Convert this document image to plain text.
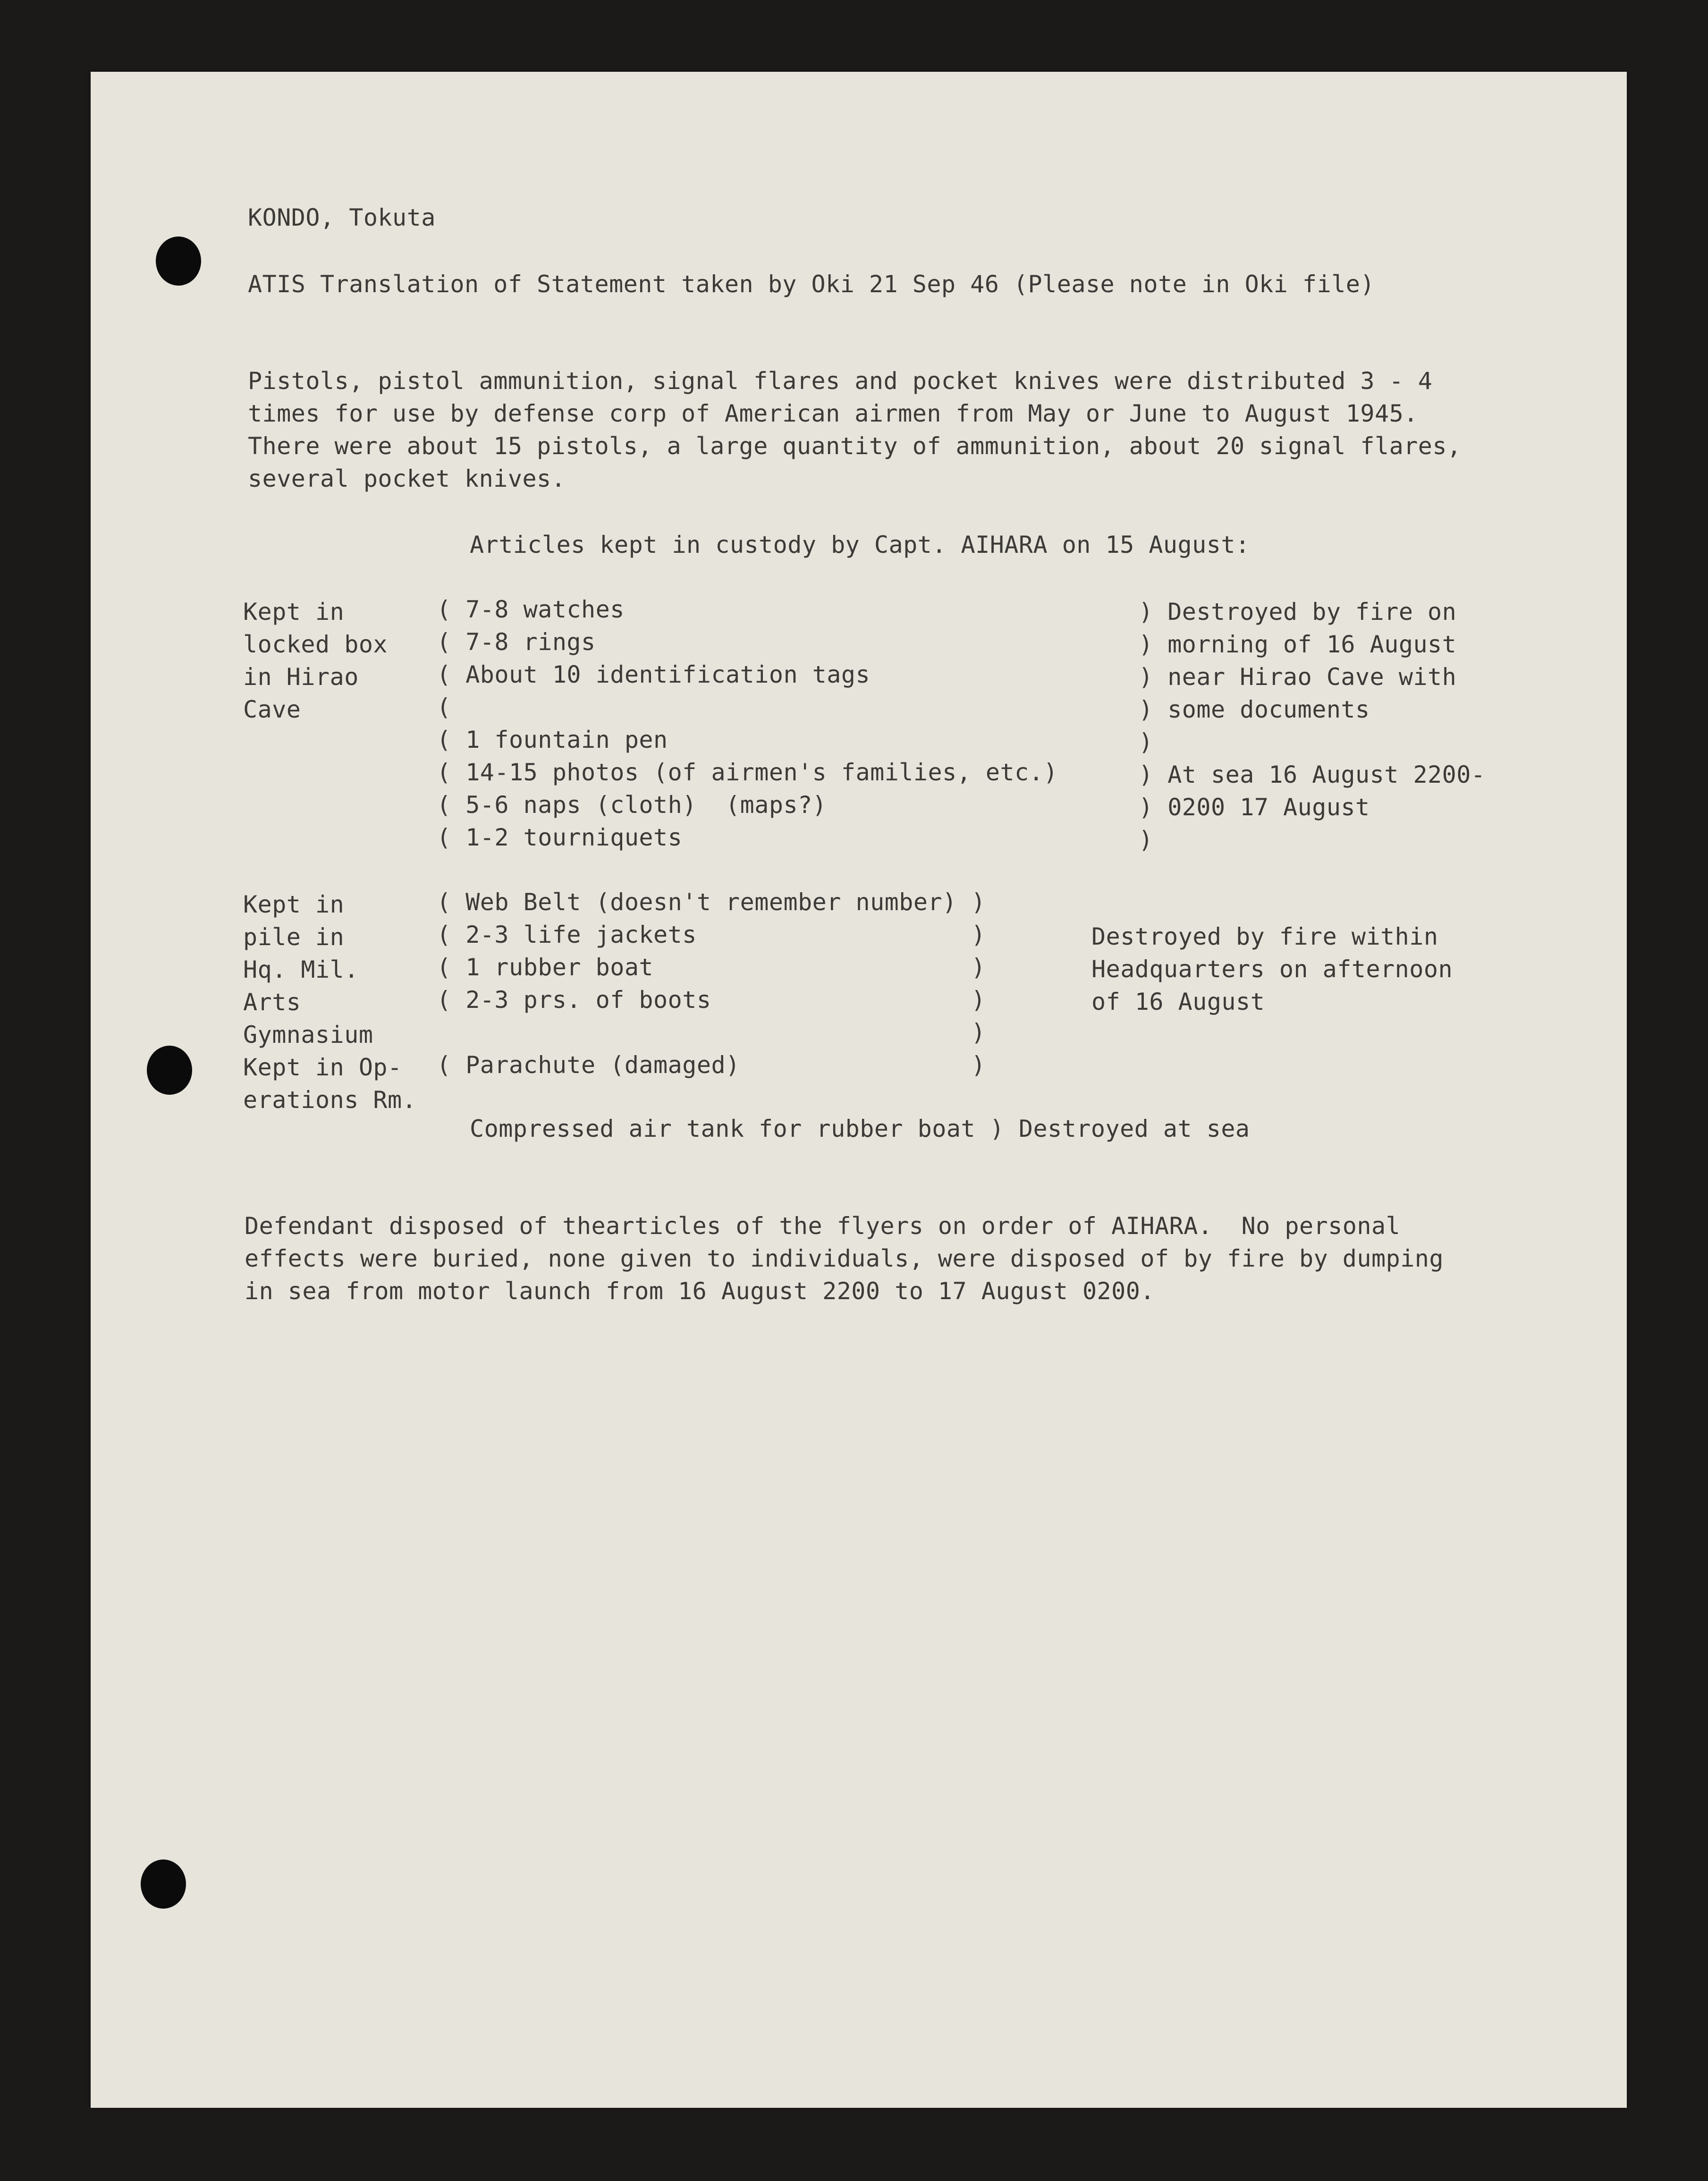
KONDO, Tokuta

ATIS Translation of Statement taken by Oki 21 Sep 46 (Please note in Oki file)

Pistols, pistol ammunition, signal flares and pocket knives were distributed 3 - 4

times for use by defense corp of American airmen from May or June to August 1945.

There were about 15 pistols, a large quantity of ammunition, about 20 signal flares,

several pocket knives.

Articles kept in custody by Capt. AIHARA on 15 August:

Kept in

locked box

in Hirao

Cave

( 7-8 watches

( 7-8 rings

( About 10 identification tags

(

( 1 fountain pen

( 14-15 photos (of airmen's families, etc.)

( 5-6 naps (cloth)  (maps?)

( 1-2 tourniquets

) Destroyed by fire on

) morning of 16 August

) near Hirao Cave with

) some documents

)

) At sea 16 August 2200-

) 0200 17 August

)

Kept in

pile in

Hq. Mil.

Arts

Gymnasium

Kept in Op-

erations Rm.

( Web Belt (doesn't remember number) )

( 2-3 life jackets                   )

( 1 rubber boat                      )

( 2-3 prs. of boots                  )

)

( Parachute (damaged)                )

Destroyed by fire within

Headquarters on afternoon

of 16 August

Compressed air tank for rubber boat ) Destroyed at sea

Defendant disposed of thearticles of the flyers on order of AIHARA.  No personal

effects were buried, none given to individuals, were disposed of by fire by dumping

in sea from motor launch from 16 August 2200 to 17 August 0200.
